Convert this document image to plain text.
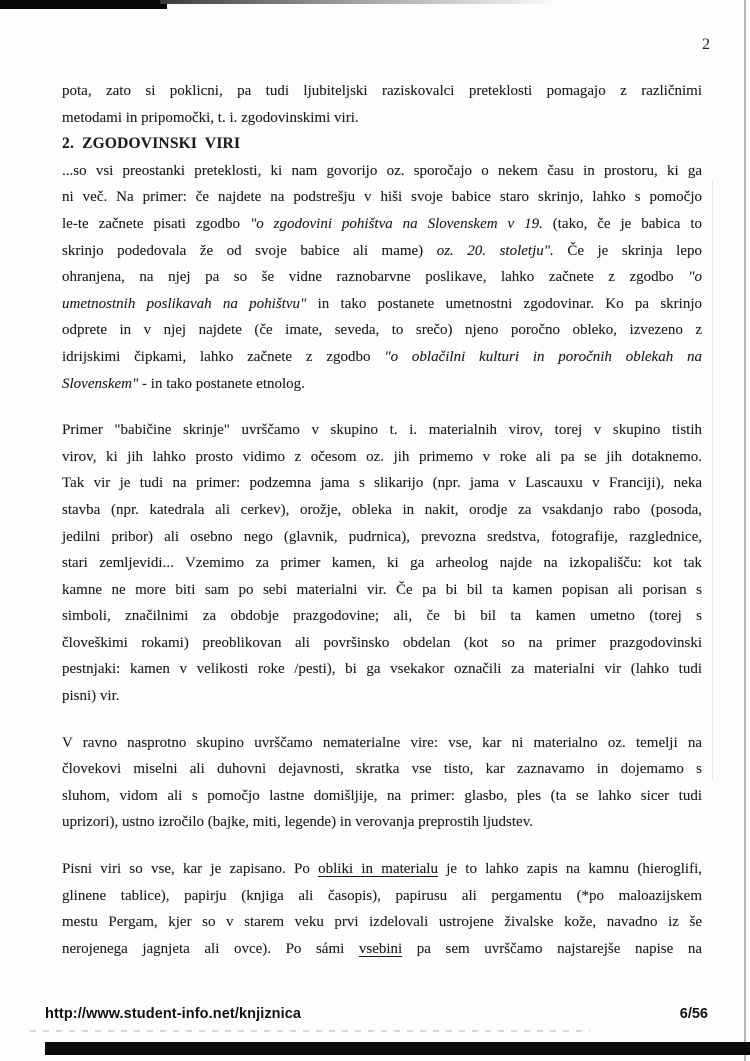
2
pota, zato si poklicni, pa tudi ljubiteljski raziskovalci preteklosti pomagajo z različnimi
metodami in pripomočki, t. i. zgodovinskimi viri.
2. ZGODOVINSKI VIRI
...so vsi preostanki preteklosti, ki nam govorijo oz. sporočajo o nekem času in prostoru, ki ga
ni več. Na primer: če najdete na podstrešju v hiši svoje babice staro skrinjo, lahko s pomočjo
le-te začnete pisati zgodbo "o zgodovini pohištva na Slovenskem v 19. (tako, če je babica to
skrinjo podedovala že od svoje babice ali mame) oz. 20. stoletju". Če je skrinja lepo
ohranjena, na njej pa so še vidne raznobarvne poslikave, lahko začnete z zgodbo "o
umetnostnih poslikavah na pohištvu" in tako postanete umetnostni zgodovinar. Ko pa skrinjo
odprete in v njej najdete (če imate, seveda, to srečo) njeno poročno obleko, izvezeno z
idrijskimi čipkami, lahko začnete z zgodbo "o oblačilni kulturi in poročnih oblekah na
Slovenskem" - in tako postanete etnolog.
Primer "babičine skrinje" uvrščamo v skupino t. i. materialnih virov, torej v skupino tistih
virov, ki jih lahko prosto vidimo z očesom oz. jih primemo v roke ali pa se jih dotaknemo.
Tak vir je tudi na primer: podzemna jama s slikarijo (npr. jama v Lascauxu v Franciji), neka
stavba (npr. katedrala ali cerkev), orožje, obleka in nakit, orodje za vsakdanjo rabo (posoda,
jedilni pribor) ali osebno nego (glavnik, pudrnica), prevozna sredstva, fotografije, razglednice,
stari zemljevidi... Vzemimo za primer kamen, ki ga arheolog najde na izkopališču: kot tak
kamne ne more biti sam po sebi materialni vir. Če pa bi bil ta kamen popisan ali porisan s
simboli, značilnimi za obdobje prazgodovine; ali, če bi bil ta kamen umetno (torej s
človeškimi rokami) preoblikovan ali površinsko obdelan (kot so na primer prazgodovinski
pestnjaki: kamen v velikosti roke /pesti), bi ga vsekakor označili za materialni vir (lahko tudi
pisni) vir.
V ravno nasprotno skupino uvrščamo nematerialne vire: vse, kar ni materialno oz. temelji na
človekovi miselni ali duhovni dejavnosti, skratka vse tisto, kar zaznavamo in dojemamo s
sluhom, vidom ali s pomočjo lastne domišljije, na primer: glasbo, ples (ta se lahko sicer tudi
uprizori), ustno izročilo (bajke, miti, legende) in verovanja preprostih ljudstev.
Pisni viri so vse, kar je zapisano. Po obliki in materialu je to lahko zapis na kamnu (hieroglifi,
glinene tablice), papirju (knjiga ali časopis), papirusu ali pergamentu (*po maloazijskem
mestu Pergam, kjer so v starem veku prvi izdelovali ustrojene živalske kože, navadno iz še
nerojenega jagnjeta ali ovce). Po sámi vsebini pa sem uvrščamo najstarejše napise na
http://www.student-info.net/knjiznica	6/56
